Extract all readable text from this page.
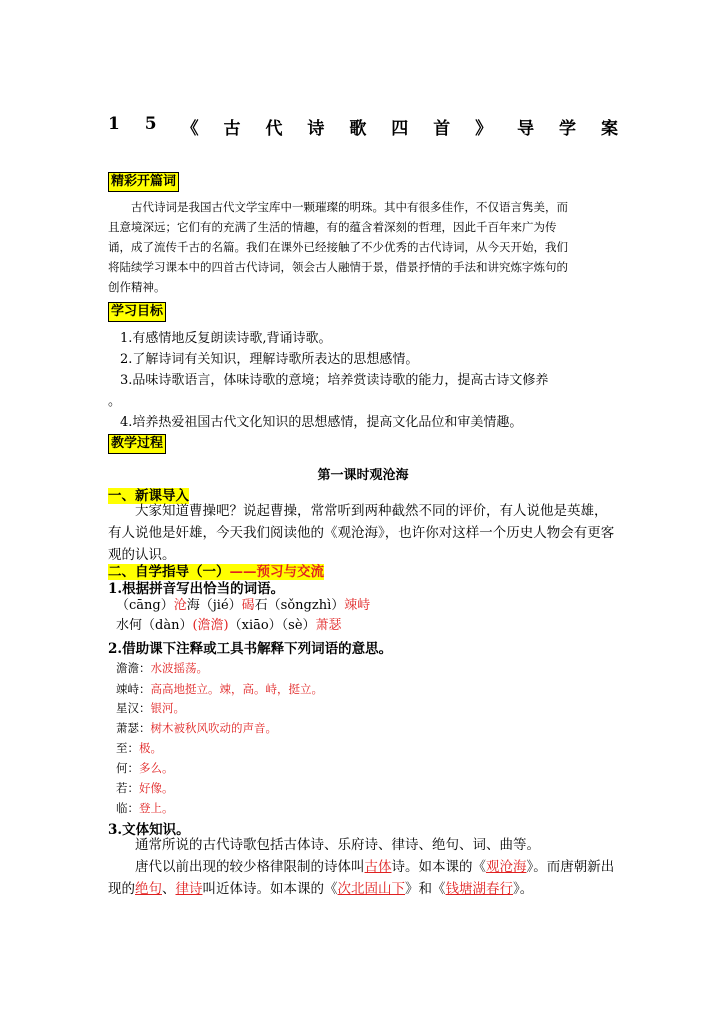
1 5 《 古 代 诗 歌 四 首 》 导 学 案
精彩开篇词
古代诗词是我国古代文学宝库中一颗璀璨的明珠。其中有很多佳作，不仅语言隽美，而且意境深远；它们有的充满了生活的情趣，有的蕴含着深刻的哲理，因此千百年来广为传诵，成了流传千古的名篇。我们在课外已经接触了不少优秀的古代诗词，从今天开始，我们将陆续学习课本中的四首古代诗词，领会古人融情于景，借景抒情的手法和讲究炼字炼句的创作精神。
学习目标
1.有感情地反复朗读诗歌,背诵诗歌。
2.了解诗词有关知识，理解诗歌所表达的思想感情。
3.品味诗歌语言，体味诗歌的意境；培养赏读诗歌的能力，提高古诗文修养
。
4.培养热爱祖国古代文化知识的思想感情，提高文化品位和审美情趣。
教学过程
第一课时观沧海
一、新课导入
大家知道曹操吧？说起曹操，常常听到两种截然不同的评价，有人说他是英雄，有人说他是奸雄，今天我们阅读他的《观沧海》，也许你对这样一个历史人物会有更客观的认识。
二、自学指导（一）——预习与交流
1.根据拼音写出恰当的词语。
（cāng）沧海（jié）碣石（sǒngzhì）竦峙
水何（dàn）(澹澹)（xiāo）（sè）萧瑟
2.借助课下注释或工具书解释下列词语的意思。
澹澹：水波摇荡。
竦峙：高高地挺立。竦，高。峙，挺立。
星汉：银河。
萧瑟：树木被秋风吹动的声音。
至：极。
何：多么。
若：好像。
临：登上。
3.文体知识。
通常所说的古代诗歌包括古体诗、乐府诗、律诗、绝句、词、曲等。
唐代以前出现的较少格律限制的诗体叫古体诗。如本课的《观沧海》。而唐朝新出现的绝句、律诗叫近体诗。如本课的《次北固山下》和《钱塘湖春行》。
